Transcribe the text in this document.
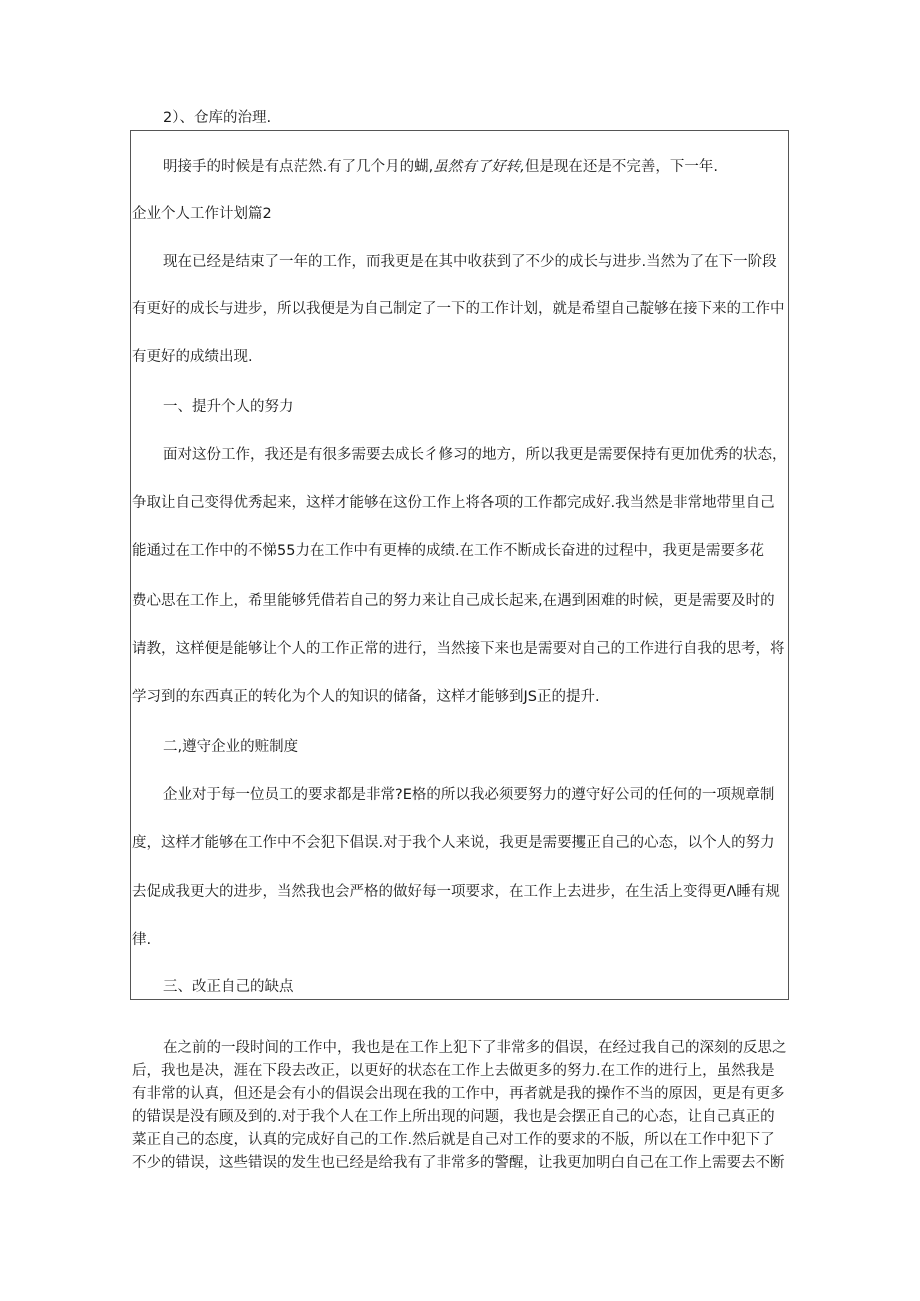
2）、仓库的治理.
明接手的时候是有点茫然.有了几个月的蝴,虽然有了好转,但是现在还是不完善，下一年.
企业个人工作计划篇2
现在已经是结束了一年的工作，而我更是在其中收获到了不少的成长与进步.当然为了在下一阶段
有更好的成长与进步，所以我便是为自己制定了一下的工作计划，就是希望自己靛够在接下来的工作中
有更好的成绩出现.
一、提升个人的努力
面对这份工作，我还是有很多需要去成长彳修习的地方，所以我更是需要保持有更加优秀的状态，
争取让自己变得优秀起来，这样才能够在这份工作上将各项的工作都完成好.我当然是非常地带里自己
能通过在工作中的不悌55力在工作中有更棒的成绩.在工作不断成长奋进的过程中，我更是需要多花
费心思在工作上，希里能够凭借若自己的努力来让自己成长起来,在遇到困难的时候，更是需要及时的
请教，这样便是能够让个人的工作正常的进行，当然接下来也是需要对自己的工作进行自我的思考，将
学习到的东西真正的转化为个人的知识的储备，这样才能够到JS正的提升.
二,遵守企业的赃制度
企业对于每一位员工的要求都是非常?E格的所以我必须要努力的遵守好公司的任何的一项规章制
度，这样才能够在工作中不会犯下倡误.对于我个人来说，我更是需要攫正自己的心态，以个人的努力
去促成我更大的进步，当然我也会严格的做好每一项要求，在工作上去进步，在生活上变得更Λ睡有规
律.
三、改正自己的缺点
在之前的一段时间的工作中，我也是在工作上犯下了非常多的倡误，在经过我自己的深刻的反思之
后，我也是决，涯在下段去改正，以更好的状态在工作上去做更多的努力.在工作的进行上，虽然我是
有非常的认真，但还是会有小的倡误会出现在我的工作中，再者就是我的操作不当的原因，更是有更多
的错误是没有顾及到的.对于我个人在工作上所出现的问题，我也是会摆正自己的心态，让自己真正的
菜正自己的态度，认真的完成好自己的工作.然后就是自己对工作的要求的不版，所以在工作中犯下了
不少的错误，这些错误的发生也已经是给我有了非常多的警醒，让我更加明白自己在工作上需要去不断
